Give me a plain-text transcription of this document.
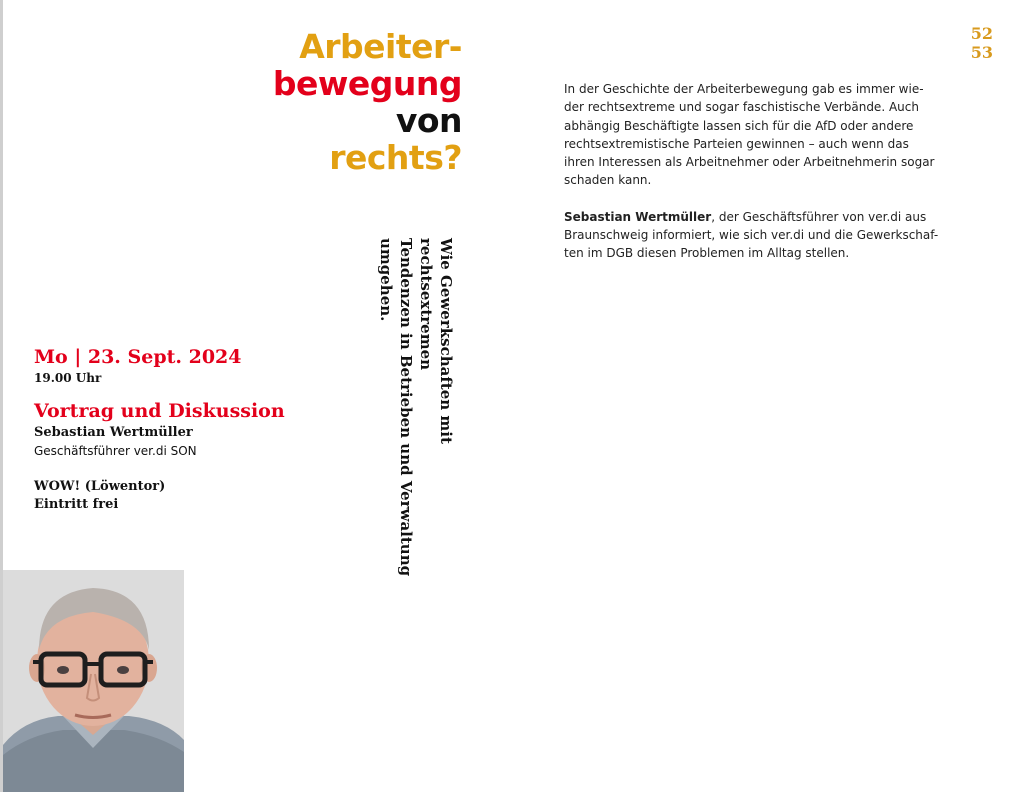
52
53
Arbeiter-
bewegung
von
rechts?
Wie Gewerkschaften mit rechtsextremen
Tendenzen in Betrieben und Verwaltung
umgehen.
Mo | 23. Sept. 2024
19.00 Uhr
Vortrag und Diskussion
Sebastian Wertmüller
Geschäftsführer ver.di SON
WOW! (Löwentor)
Eintritt frei

In der Geschichte der Arbeiterbewegung gab es immer wie-
der rechtsextreme und sogar faschistische Verbände. Auch
abhängig Beschäftigte lassen sich für die AfD oder andere
rechtsextremistische Parteien gewinnen – auch wenn das
ihren Interessen als Arbeitnehmer oder Arbeitnehmerin sogar
schaden kann.

Sebastian Wertmüller, der Geschäftsführer von ver.di aus
Braunschweig informiert, wie sich ver.di und die Gewerkschaf-
ten im DGB diesen Problemen im Alltag stellen.
